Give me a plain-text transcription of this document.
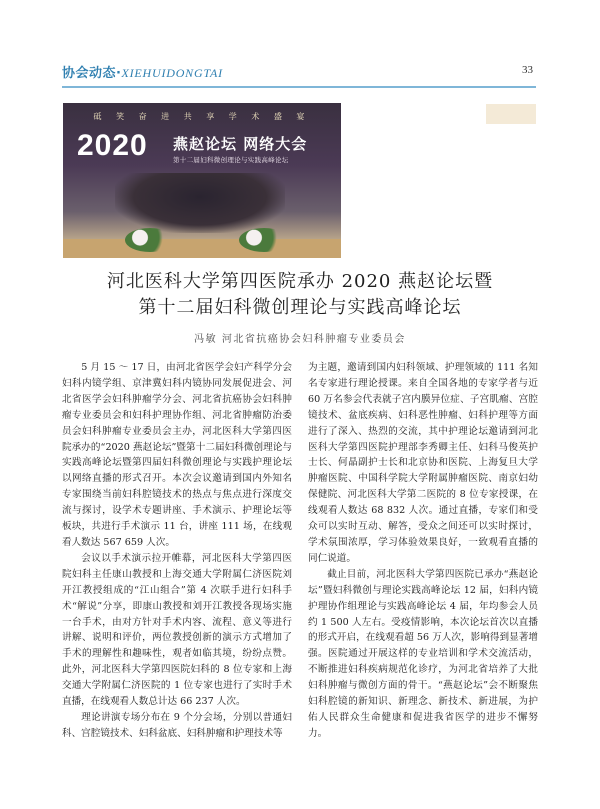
协会动态·XIEHUIDONGTAI	33
砥 笑 奋 进 共 享 学 术 盛 宴
2020 燕赵论坛 网络大会
第十二届妇科微创理论与实践高峰论坛
河北医科大学第四医院承办 2020 燕赵论坛暨
第十二届妇科微创理论与实践高峰论坛
冯敏 河北省抗癌协会妇科肿瘤专业委员会

5 月 15 ～ 17 日，由河北省医学会妇产科学分会妇科内镜学组、京津冀妇科内镜协同发展促进会、河北省医学会妇科肿瘤学分会、河北省抗癌协会妇科肿瘤专业委员会和妇科护理协作组、河北省肿瘤防治委员会妇科肿瘤专业委员会主办，河北医科大学第四医院承办的“2020 燕赵论坛”暨第十二届妇科微创理论与实践高峰论坛暨第四届妇科微创理论与实践护理论坛以网络直播的形式召开。本次会议邀请到国内外知名专家围绕当前妇科腔镜技术的热点与焦点进行深度交流与探讨，设学术专题讲座、手术演示、护理论坛等板块，共进行手术演示 11 台，讲座 111 场，在线观看人数达 567 659 人次。

会议以手术演示拉开帷幕，河北医科大学第四医院妇科主任康山教授和上海交通大学附属仁济医院刘开江教授组成的“江山组合”第 4 次联手进行妇科手术“解说”分享，即康山教授和刘开江教授各现场实施一台手术，由对方针对手术内容、流程、意义等进行讲解、说明和评价，两位教授创新的演示方式增加了手术的理解性和趣味性，观者如临其境，纷纷点赞。此外，河北医科大学第四医院妇科的 8 位专家和上海交通大学附属仁济医院的 1 位专家也进行了实时手术直播，在线观看人数总计达 66 237 人次。

理论讲演专场分布在 9 个分会场，分别以普通妇科、宫腔镜技术、妇科盆底、妇科肿瘤和护理技术等

为主题，邀请到国内妇科领域、护理领域的 111 名知名专家进行理论授课。来自全国各地的专家学者与近 60 万名参会代表就子宫内膜异位症、子宫肌瘤、宫腔镜技术、盆底疾病、妇科恶性肿瘤、妇科护理等方面进行了深入、热烈的交流，其中护理论坛邀请到河北医科大学第四医院护理部李秀卿主任、妇科马俊英护士长、何晶副护士长和北京协和医院、上海复旦大学肿瘤医院、中国科学院大学附属肿瘤医院、南京妇幼保健院、河北医科大学第二医院的 8 位专家授课，在线观看人数达 68 832 人次。通过直播，专家们和受众可以实时互动、解答，受众之间还可以实时探讨，学术氛围浓厚，学习体验效果良好，一致观看直播的同仁说道。

截止目前，河北医科大学第四医院已承办“燕赵论坛”暨妇科微创与理论实践高峰论坛 12 届，妇科内镜护理协作组理论与实践高峰论坛 4 届，年均参会人员约 1 500 人左右。受疫情影响，本次论坛首次以直播的形式开启，在线观看超 56 万人次，影响得到显著增强。医院通过开展这样的专业培训和学术交流活动，不断推进妇科疾病规范化诊疗，为河北省培养了大批妇科肿瘤与微创方面的骨干。“燕赵论坛”会不断聚焦妇科腔镜的新知识、新理念、新技术、新进展，为护佑人民群众生命健康和促进我省医学的进步不懈努力。
